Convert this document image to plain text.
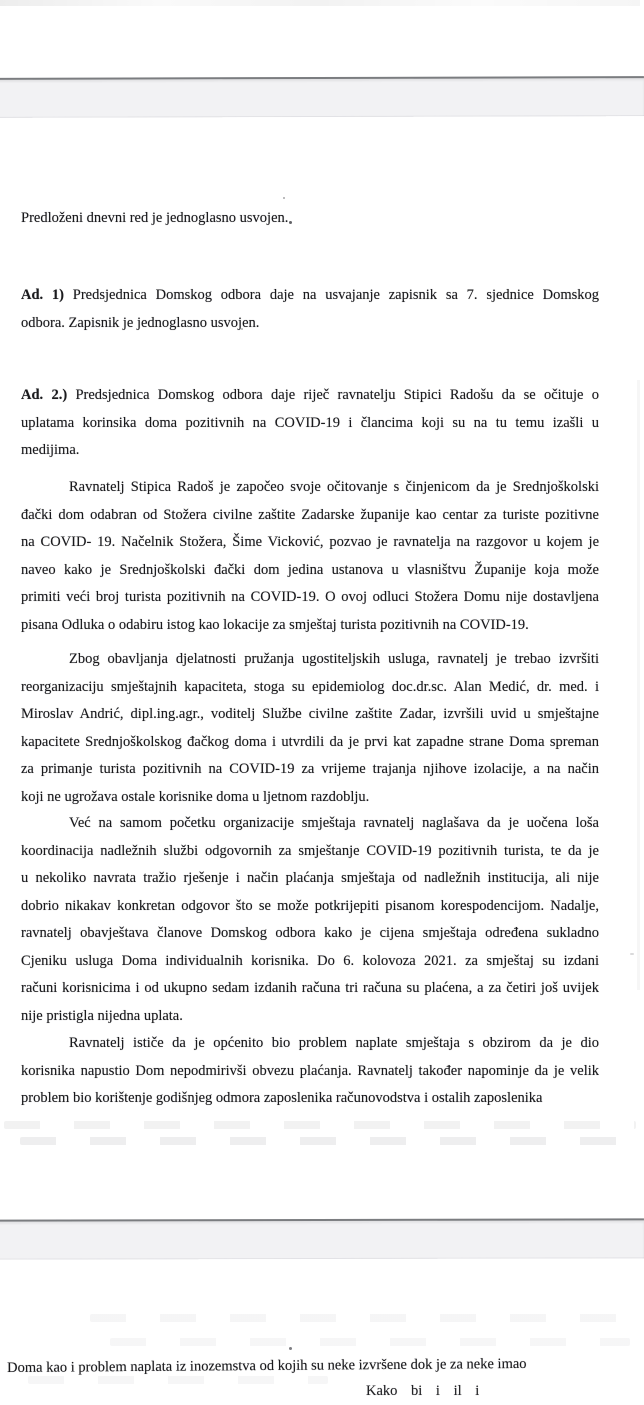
Predloženi dnevni red je jednoglasno usvojen.
Ad. 1) Predsjednica Domskog odbora daje na usvajanje zapisnik sa 7. sjednice Domskog
odbora. Zapisnik je jednoglasno usvojen.
Ad. 2.) Predsjednica Domskog odbora daje riječ ravnatelju Stipici Radošu da se očituje o
uplatama korinsika doma pozitivnih na COVID-19 i člancima koji su na tu temu izašli u
medijima.
Ravnatelj Stipica Radoš je započeo svoje očitovanje s činjenicom da je Srednjoškolski
đački dom odabran od Stožera civilne zaštite Zadarske županije kao centar za turiste pozitivne
na COVID- 19. Načelnik Stožera, Šime Vicković, pozvao je ravnatelja na razgovor u kojem je
naveo kako je Srednjoškolski đački dom jedina ustanova u vlasništvu Županije koja može
primiti veći broj turista pozitivnih na COVID-19. O ovoj odluci Stožera Domu nije dostavljena
pisana Odluka o odabiru istog kao lokacije za smještaj turista pozitivnih na COVID-19.
Zbog obavljanja djelatnosti pružanja ugostiteljskih usluga, ravnatelj je trebao izvršiti
reorganizaciju smještajnih kapaciteta, stoga su epidemiolog doc.dr.sc. Alan Medić, dr. med. i
Miroslav Andrić, dipl.ing.agr., voditelj Službe civilne zaštite Zadar, izvršili uvid u smještajne
kapacitete Srednjoškolskog đačkog doma i utvrdili da je prvi kat zapadne strane Doma spreman
za primanje turista pozitivnih na COVID-19 za vrijeme trajanja njihove izolacije, a na način
koji ne ugrožava ostale korisnike doma u ljetnom razdoblju.
Već na samom početku organizacije smještaja ravnatelj naglašava da je uočena loša
koordinacija nadležnih službi odgovornih za smještanje COVID-19 pozitivnih turista, te da je
u nekoliko navrata tražio rješenje i način plaćanja smještaja od nadležnih institucija, ali nije
dobrio nikakav konkretan odgovor što se može potkrijepiti pisanom korespodencijom. Nadalje,
ravnatelj obavještava članove Domskog odbora kako je cijena smještaja određena sukladno
Cjeniku usluga Doma individualnih korisnika. Do 6. kolovoza 2021. za smještaj su izdani
računi korisnicima i od ukupno sedam izdanih računa tri računa su plaćena, a za četiri još uvijek
nije pristigla nijedna uplata.
Ravnatelj ističe da je općenito bio problem naplate smještaja s obzirom da je dio
korisnika napustio Dom nepodmirivši obvezu plaćanja. Ravnatelj također napominje da je velik
problem bio korištenje godišnjeg odmora zaposlenika računovodstva i ostalih zaposlenika
Doma kao i problem naplata iz inozemstva od kojih su neke izvršene dok je za neke imao
Kako bi i il i
